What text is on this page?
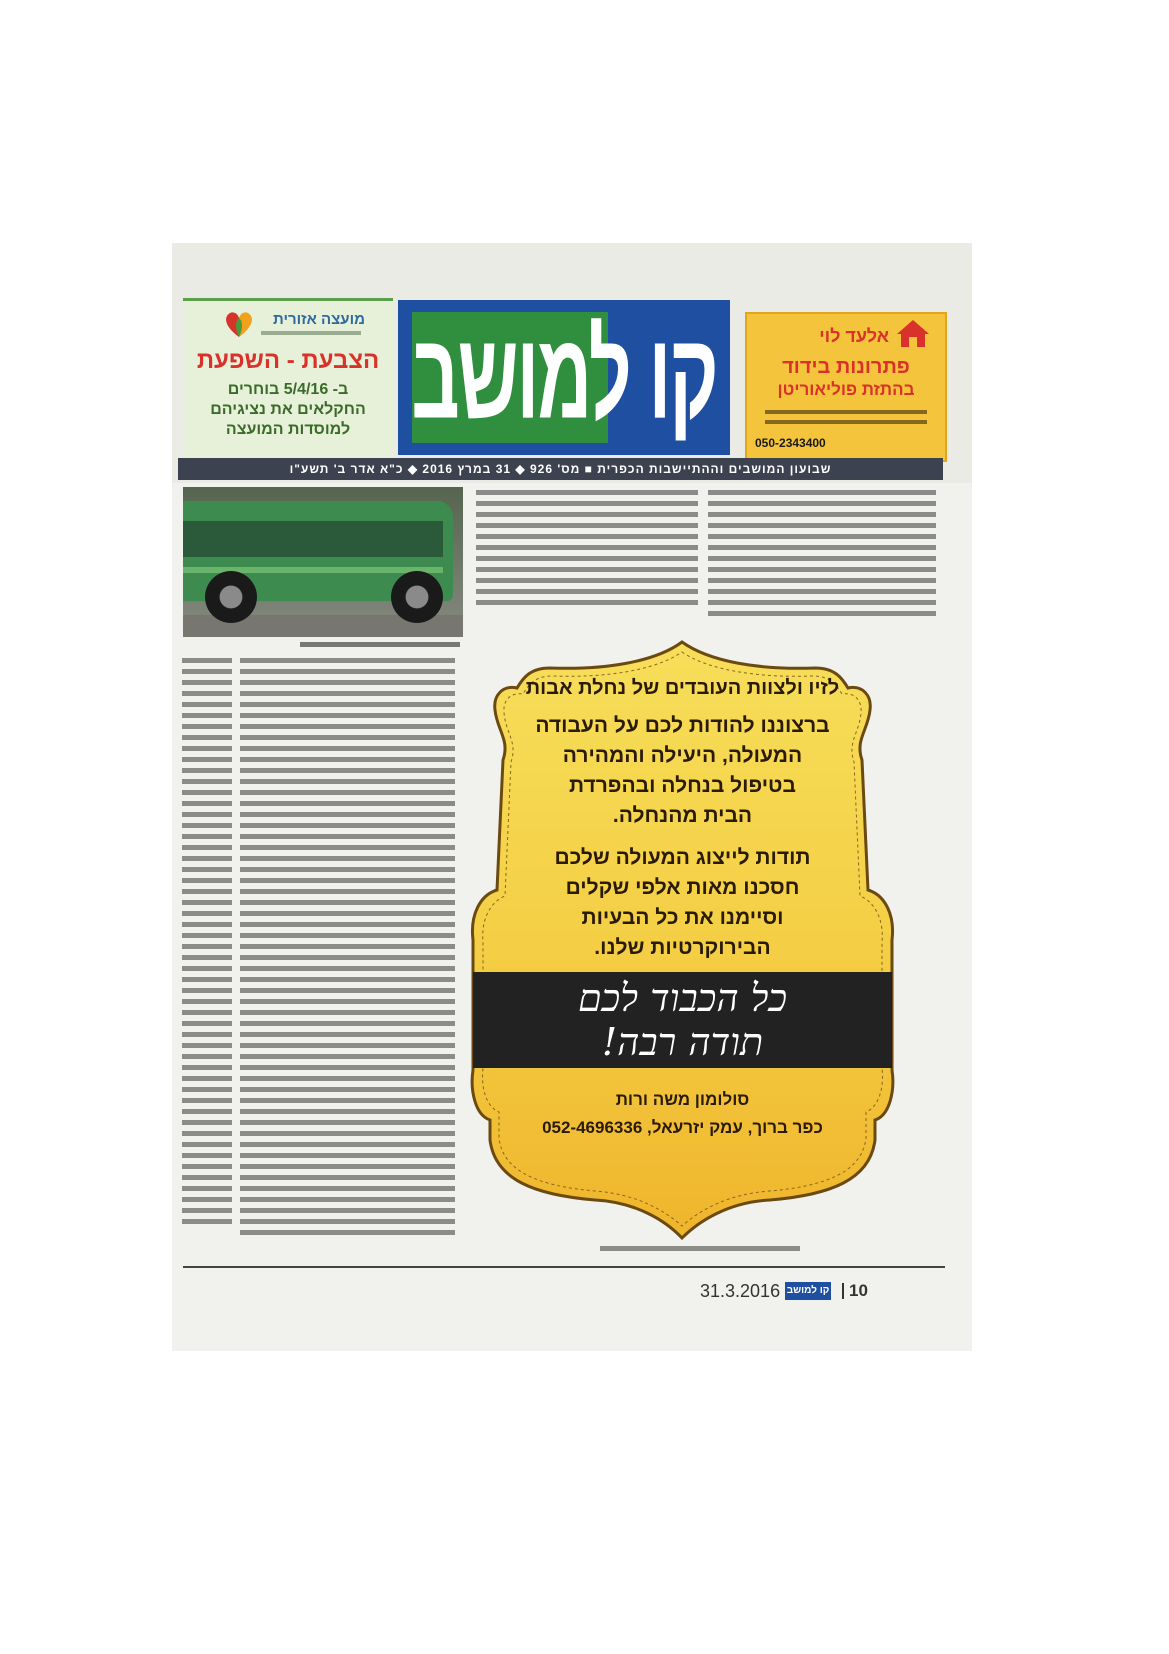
מועצה אזורית
הצבעת - השפעת
ב- 5/4/16 בוחרים
החקלאים את נציגיהם
למוסדות המועצה קו למושב	אלעד לוי
פתרונות בידוד
בהתזת פוליאוריטן
050-2343400
שבועון המושבים וההתיישבות הכפרית ■ מס' 926 ◆ 31 במרץ 2016 ◆ כ"א אדר ב' תשע"ו
לזיו ולצוות העובדים של נחלת אבות
ברצוננו להודות לכם על העבודה
המעולה, היעילה והמהירה
בטיפול בנחלה ובהפרדת
הבית מהנחלה.
תודות לייצוג המעולה שלכם
חסכנו מאות אלפי שקלים
וסיימנו את כל הבעיות
הבירוקרטיות שלנו.
כל הכבוד לכם
תודה רבה!
סולומון משה ורות
כפר ברוך, עמק יזרעאל, 052-4696336
31.3.2016 קו למושב 10
